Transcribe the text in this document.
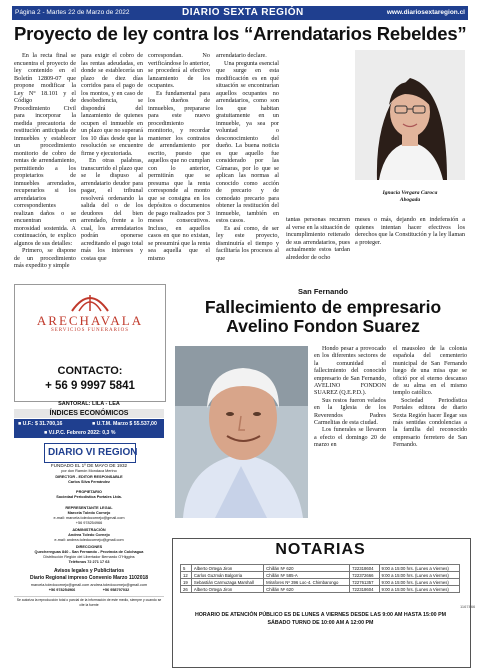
Página 2 - Martes 22 de Marzo de 2022	DIARIO SEXTA REGIÓN	www.diariosextaregion.cl
Proyecto de ley contra los “Arrendatarios Rebeldes”

En la recta final se encuentra el proyecto de ley contenido en el Boletín 12809-07 que propone modificar la Ley N° 18.101 y el Código de Procedimiento Civil para incorporar la medida precautoria de restitución anticipada de inmuebles y establecer un procedimiento monitorio de cobro de rentas de arrendamiento, permitiendo a los propietarios de inmuebles arrendados, recuperarlos si los arrendatarios correspondientes realizan daños o se encuentran en morosidad sostenida. A continuación, te explico algunos de sus detalles:

Primero, se dispone de un procedimiento más expedito y simple

para exigir el cobro de las rentas adeudadas, en donde se establecería un plazo de diez días corridos para el pago de los montos, y en caso de desobediencia, se dispondrá del lanzamiento de quienes ocupen el inmueble en un plazo que no superará los 10 días desde que la resolución se encuentre firme y ejecutoriada.

En otras palabras, transcurrido el plazo que se le dispuso al arrendatario deudor para pagar, el tribunal resolverá ordenando la salida del o de los deudores del bien arrendado, frente a lo cual, los arrendatarios podrán oponerse acreditando el pago total más los intereses y costas que

correspondan. No verificándose lo anterior, se procederá al efectivo lanzamiento de los ocupantes.

Es fundamental para los dueños de inmuebles, prepararse para este nuevo procedimiento monitorio, y recordar mantener los contratos de arrendamiento por escrito, puesto que aquellos que no cumplan con lo anterior, permitirán que se presuma que la renta corresponde al monto que se consigna en los depósitos o documentos de pago realizados por 3 meses consecutivos. Incluso, en aquellos casos en que no existan, se presumirá que la renta sea aquella que el mismo

arrendatario declare.

Una pregunta esencial que surge en esta modificación es en qué situación se encontrarían aquellos ocupantes no arrendatarios, como son los que habitan gratuitamente en un inmueble, ya sea por voluntad o desconocimiento del dueño. La buena noticia es que aquello fue considerado por las Cámaras, por lo que se aplican las normas al conocido como acción de precario y de comodato precario para obtener la restitución del inmueble, también en estos casos.

Es así como, de ser ley este proyecto, disminuiría el tiempo y facilitaría los procesos al que

tantas personas recurren al verse en la situación de incumplimiento reiterado de sus arrendatarios, pues actualmente estos tardan alrededor de ocho

meses o más, dejando en indefensión a quienes intentan hacer efectivos los derechos que la Constitución y la ley llaman a proteger.

Ignacia Vergara Caroca
Abogada
ARECHAVALA
SERVICIOS FUNERARIOS
CONTACTO:
+ 56 9 9997 5841
SANTORAL: LILA - LEA
ÍNDICES ECONÓMICOS
■ U.F.: $ 31.700,16	■ U.T.M. Marzo $ 55.537,00
■ V.I.P.C. Febrero 2022: 0,3 %
DIARIO VI REGION
FUNDADO EL 1º DE MAYO DE 1932
por don Ramón Mondaca Merino
DIRECTOR - EDITOR RESPONSABLE
Carlos Silva Fernández
PROPIETARIO
Sociedad Periodística Portales Ltda.
REPRESENTANTE LEGAL
Marcela Toledo Cornejo
e-mail: marcela.toledocornejo@gmail.com
+56 978254966
ADMINISTRACIÓN
Andrea Toledo Cornejo
e-mail: andrea.toledocornejo@gmail.com
DIRECCIONES
Quechereguas 840 - San Fernando - Provincia de Colchagua
Distribución Región del Libertador Bernardo O'Higgins
Teléfonos 72 271 17 63
Avisos legales y Publicitarios
Diario Regional impreso Convenio Marzo 1102018
marcela.toledocornejo@gmail.com andrea.toledocornejo@gmail.com
+56 978254966                          +56 958797032
Se autoriza la reproducción total o parcial de la información de este medio, siempre y cuando se cite la fuente
San Fernando
Fallecimiento de empresario
Avelino Fondon Suarez

Hondo pesar a provocado en los diferentes sectores de la comunidad el fallecimiento del conocido empresario de San Fernando, AVELINO FONDON SUAREZ (Q.E.P.D.).

Sus restos fueron velados en la Iglesia de los Reverendos Padres Carmelitas de esta ciudad.

Los funerales se llevaron a efecto el domingo 20 de marzo en

el mausoleo de la colonia española del cementerio municipal de San Fernando luego de una misa que se ofició por el eterno descanso de su alma en el mismo templo católico.

Sociedad Periodística Portales editora de diario Sexta Región hacer llegar sus más sentidas condolencias a la familia del reconocido empresario ferretero de San Fernando.

NOTARIAS
5	Alberto Ortega Jiron	Chillán Nº 620	722318604	9:00 a 15:00 hrs. (Lunes a Viernes)
12	Carlos Guzmán Balgorria	Chillán Nº 585-A	722372666	9:00 a 15:00 hrs. (Lunes a Viernes)
19	Sebastián Carmuzaga Marshall	Mirafores Nº 396 Loc-4. Chimbarongo	722761357	9:00 a 15:00 hrs. (Lunes a Viernes)
26	Alberto Ortega Jiron	Chillán Nº 620	722318604	9:00 a 15:00 hrs. (Lunes a Viernes)
HORARIO DE ATENCIÓN PÚBLICO ES DE LUNES A VIERNES DESDE LAS 9:00 AM HASTA 15:00 PM
SÁBADO TURNO DE 10:00 AM A 12:00 PM
1167866
